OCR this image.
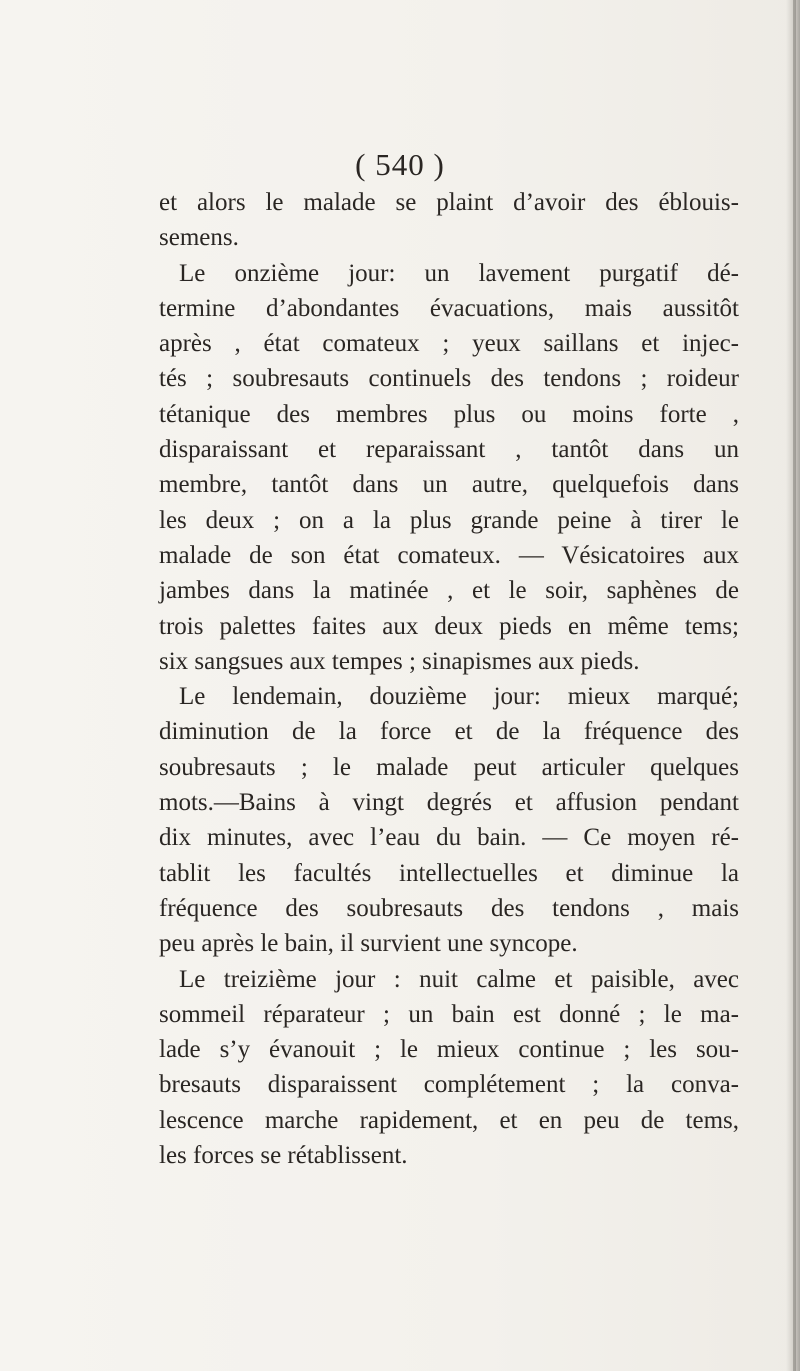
( 540 )
et alors le malade se plaint d’avoir des éblouis-
semens.
Le onzième jour: un lavement purgatif dé-
termine d’abondantes évacuations, mais aussitôt
après , état comateux ; yeux saillans et injec-
tés ; soubresauts continuels des tendons ; roideur
tétanique des membres plus ou moins forte ,
disparaissant et reparaissant , tantôt dans un
membre, tantôt dans un autre, quelquefois dans
les deux ; on a la plus grande peine à tirer le
malade de son état comateux. — Vésicatoires aux
jambes dans la matinée , et le soir, saphènes de
trois palettes faites aux deux pieds en même tems;
six sangsues aux tempes ; sinapismes aux pieds.
Le lendemain, douzième jour: mieux marqué;
diminution de la force et de la fréquence des
soubresauts ; le malade peut articuler quelques
mots.—Bains à vingt degrés et affusion pendant
dix minutes, avec l’eau du bain. — Ce moyen ré-
tablit les facultés intellectuelles et diminue la
fréquence des soubresauts des tendons , mais
peu après le bain, il survient une syncope.
Le treizième jour : nuit calme et paisible, avec
sommeil réparateur ; un bain est donné ; le ma-
lade s’y évanouit ; le mieux continue ; les sou-
bresauts disparaissent complétement ; la conva-
lescence marche rapidement, et en peu de tems,
les forces se rétablissent.
